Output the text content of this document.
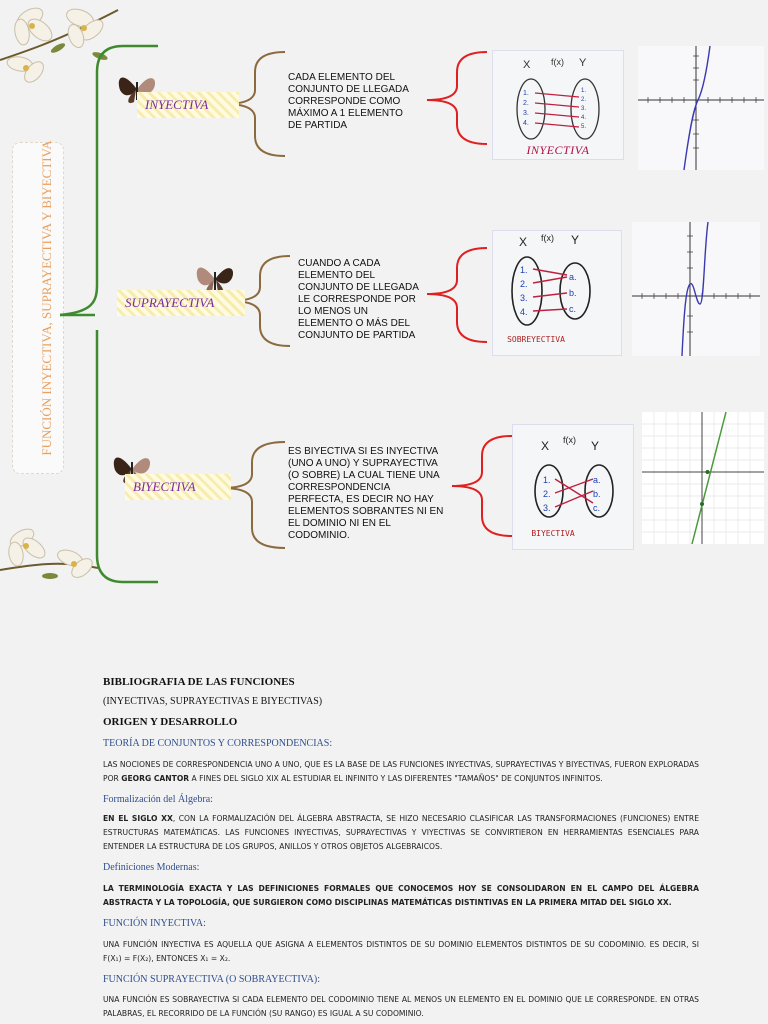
FUNCIÓN INYECTIVA, SUPRAYECTIVA Y BIYECTIVA
INYECTIVA
SUPRAYECTIVA
BIYECTIVA
CADA ELEMENTO DEL CONJUNTO DE LLEGADA CORRESPONDE COMO MÁXIMO A 1 ELEMENTO DE PARTIDA
CUANDO A CADA ELEMENTO DEL CONJUNTO DE LLEGADA LE CORRESPONDE POR LO MENOS UN ELEMENTO O MÁS DEL CONJUNTO DE PARTIDA
ES BIYECTIVA SI ES INYECTIVA (UNO A UNO) Y SUPRAYECTIVA (O SOBRE) LA CUAL TIENE UNA CORRESPONDENCIA PERFECTA, ES DECIR NO HAY ELEMENTOS SOBRANTES NI EN EL DOMINIO NI EN EL CODOMINIO.
X f(x) Y
1.
2.
3.
4.
1.
2.
3.
4.
5.
INYECTIVA
X f(x) Y
1.
2.
3.
4.
a.
b.
c.
SOBREYECTIVA
X f(x) Y
1.
2.
3.
a.
b.
c.
BIYECTIVA
BIBLIOGRAFIA DE LAS FUNCIONES
(INYECTIVAS, SUPRAYECTIVAS E BIYECTIVAS)
ORIGEN Y DESARROLLO
TEORÍA DE CONJUNTOS Y CORRESPONDENCIAS:
LAS NOCIONES DE CORRESPONDENCIA UNO A UNO, QUE ES LA BASE DE LAS FUNCIONES INYECTIVAS, SUPRAYECTIVAS Y BIYECTIVAS, FUERON EXPLORADAS POR GEORG CANTOR A FINES DEL SIGLO XIX AL ESTUDIAR EL INFINITO Y LAS DIFERENTES "TAMAÑOS" DE CONJUNTOS INFINITOS.
Formalización del Álgebra:
EN EL SIGLO XX, CON LA FORMALIZACIÓN DEL ÁLGEBRA ABSTRACTA, SE HIZO NECESARIO CLASIFICAR LAS TRANSFORMACIONES (FUNCIONES) ENTRE ESTRUCTURAS MATEMÁTICAS. LAS FUNCIONES INYECTIVAS, SUPRAYECTIVAS Y VIYECTIVAS SE CONVIRTIERON EN HERRAMIENTAS ESENCIALES PARA ENTENDER LA ESTRUCTURA DE LOS GRUPOS, ANILLOS Y OTROS OBJETOS ALGEBRAICOS.
Definiciones Modernas:
LA TERMINOLOGÍA EXACTA Y LAS DEFINICIONES FORMALES QUE CONOCEMOS HOY SE CONSOLIDARON EN EL CAMPO DEL ÁLGEBRA ABSTRACTA Y LA TOPOLOGÍA, QUE SURGIERON COMO DISCIPLINAS MATEMÁTICAS DISTINTIVAS EN LA PRIMERA MITAD DEL SIGLO XX.
FUNCIÓN INYECTIVA:
UNA FUNCIÓN INYECTIVA ES AQUELLA QUE ASIGNA A ELEMENTOS DISTINTOS DE SU DOMINIO ELEMENTOS DISTINTOS DE SU CODOMINIO. ES DECIR, SI F(X₁) = F(X₂), ENTONCES X₁ = X₂.
FUNCIÓN SUPRAYECTIVA (O SOBRAYECTIVA):
UNA FUNCIÓN ES SOBRAYECTIVA SI CADA ELEMENTO DEL CODOMINIO TIENE AL MENOS UN ELEMENTO EN EL DOMINIO QUE LE CORRESPONDE. EN OTRAS PALABRAS, EL RECORRIDO DE LA FUNCIÓN (SU RANGO) ES IGUAL A SU CODOMINIO.
